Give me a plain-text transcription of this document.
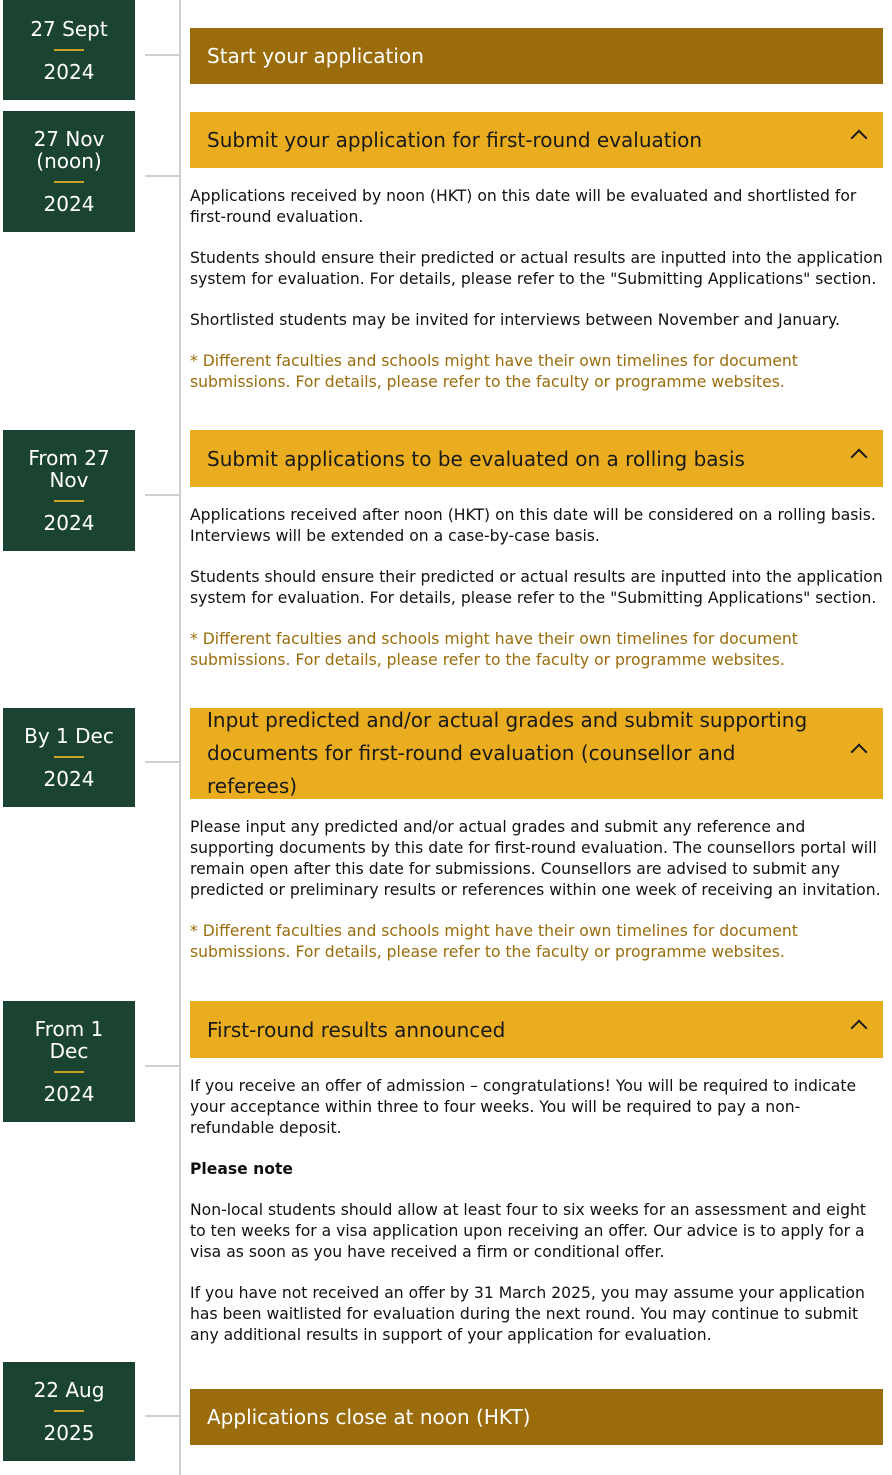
27 Sept
2024
Start your application
27 Nov (noon)
2024
Submit your application for first-round evaluation

Applications received by noon (HKT) on this date will be evaluated and shortlisted for first-round evaluation.

Students should ensure their predicted or actual results are inputted into the application system for evaluation. For details, please refer to the "Submitting Applications" section.

Shortlisted students may be invited for interviews between November and January.

* Different faculties and schools might have their own timelines for document submissions. For details, please refer to the faculty or programme websites.

From 27 Nov
2024
Submit applications to be evaluated on a rolling basis

Applications received after noon (HKT) on this date will be considered on a rolling basis. Interviews will be extended on a case-by-case basis.

Students should ensure their predicted or actual results are inputted into the application system for evaluation. For details, please refer to the "Submitting Applications" section.

* Different faculties and schools might have their own timelines for document submissions. For details, please refer to the faculty or programme websites.

By 1 Dec
2024
Input predicted and/or actual grades and submit supporting documents for first-round evaluation (counsellor and referees)

Please input any predicted and/or actual grades and submit any reference and supporting documents by this date for first-round evaluation. The counsellors portal will remain open after this date for submissions. Counsellors are advised to submit any predicted or preliminary results or references within one week of receiving an invitation.

* Different faculties and schools might have their own timelines for document submissions. For details, please refer to the faculty or programme websites.

From 1 Dec
2024
First-round results announced

If you receive an offer of admission – congratulations! You will be required to indicate your acceptance within three to four weeks. You will be required to pay a non-refundable deposit.

Please note

Non-local students should allow at least four to six weeks for an assessment and eight to ten weeks for a visa application upon receiving an offer. Our advice is to apply for a visa as soon as you have received a firm or conditional offer.

If you have not received an offer by 31 March 2025, you may assume your application has been waitlisted for evaluation during the next round. You may continue to submit any additional results in support of your application for evaluation.

22 Aug
2025
Applications close at noon (HKT)
